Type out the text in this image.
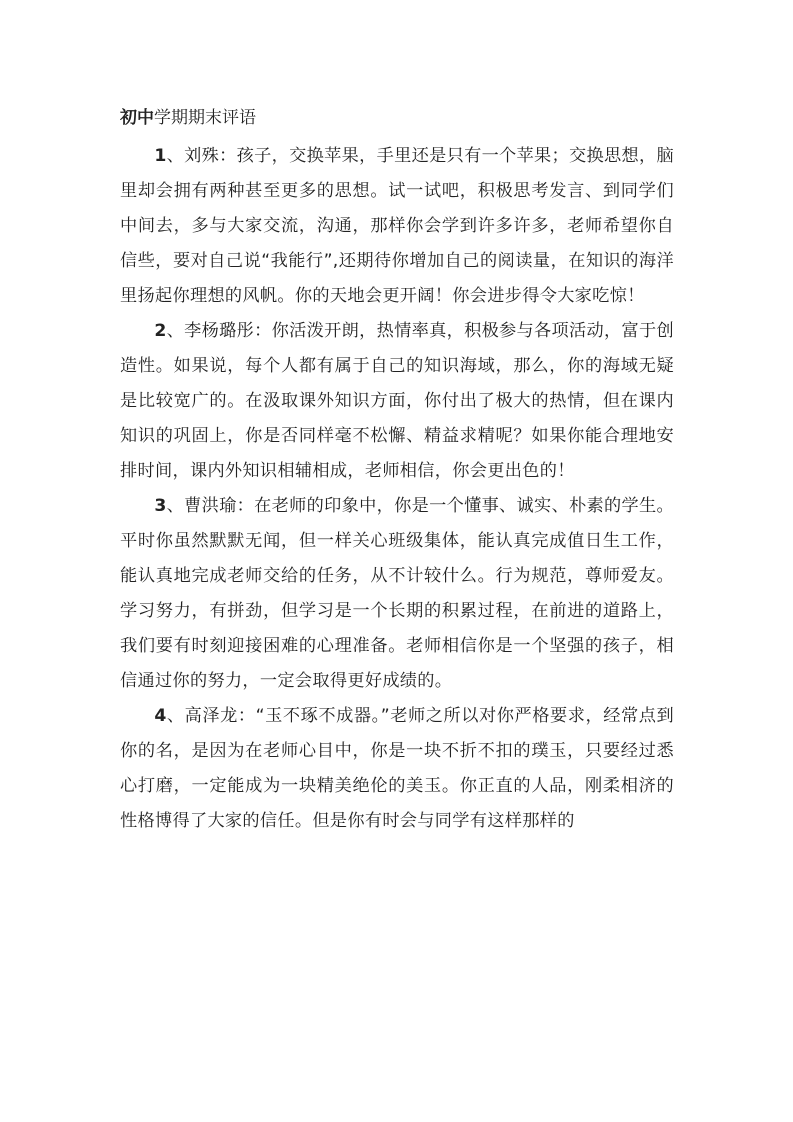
初中学期期末评语

1、刘殊：孩子，交换苹果，手里还是只有一个苹果；交换思想，脑里却会拥有两种甚至更多的思想。试一试吧，积极思考发言、到同学们中间去，多与大家交流，沟通，那样你会学到许多许多，老师希望你自信些，要对自己说“我能行”,还期待你增加自己的阅读量，在知识的海洋里扬起你理想的风帆。你的天地会更开阔！你会进步得令大家吃惊！

2、李杨璐彤：你活泼开朗，热情率真，积极参与各项活动，富于创造性。如果说，每个人都有属于自己的知识海域，那么，你的海域无疑是比较宽广的。在汲取课外知识方面，你付出了极大的热情，但在课内知识的巩固上，你是否同样毫不松懈、精益求精呢？如果你能合理地安排时间，课内外知识相辅相成，老师相信，你会更出色的！

3、曹洪瑜：在老师的印象中，你是一个懂事、诚实、朴素的学生。平时你虽然默默无闻，但一样关心班级集体，能认真完成值日生工作，能认真地完成老师交给的任务，从不计较什么。行为规范，尊师爱友。学习努力，有拼劲，但学习是一个长期的积累过程，在前进的道路上，我们要有时刻迎接困难的心理准备。老师相信你是一个坚强的孩子，相信通过你的努力，一定会取得更好成绩的。

4、高泽龙：“玉不琢不成器。”老师之所以对你严格要求，经常点到你的名，是因为在老师心目中，你是一块不折不扣的璞玉，只要经过悉心打磨，一定能成为一块精美绝伦的美玉。你正直的人品，刚柔相济的性格博得了大家的信任。但是你有时会与同学有这样那样的
